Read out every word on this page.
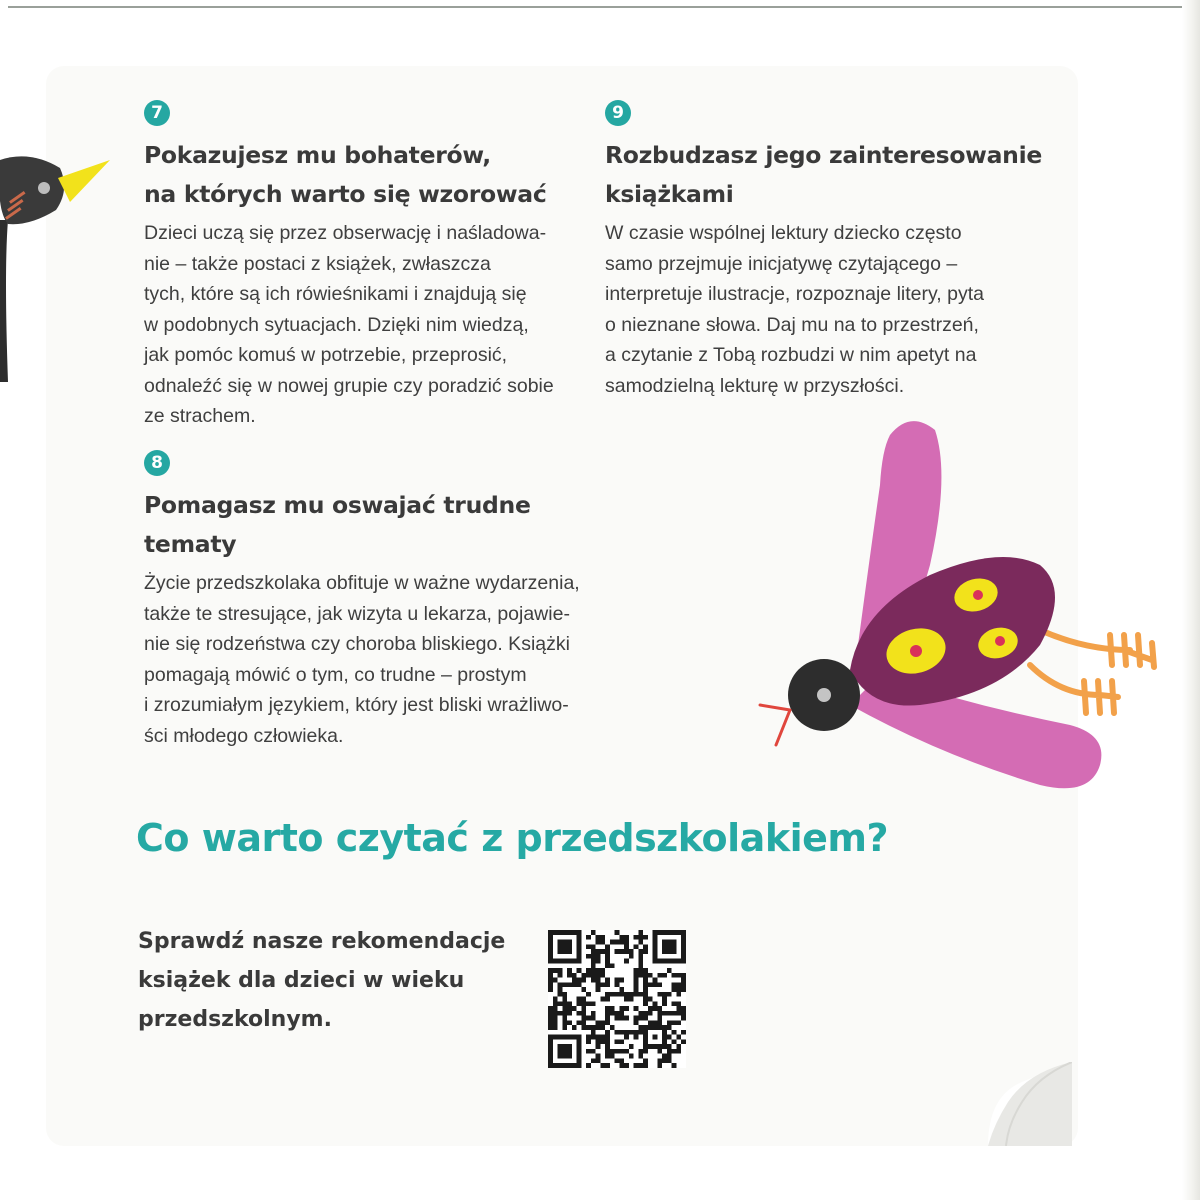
7
Pokazujesz mu bohaterów,
na których warto się wzorować

Dzieci uczą się przez obserwację i naśladowa-
nie – także postaci z książek, zwłaszcza
tych, które są ich rówieśnikami i znajdują się
w podobnych sytuacjach. Dzięki nim wiedzą,
jak pomóc komuś w potrzebie, przeprosić,
odnaleźć się w nowej grupie czy poradzić sobie
ze strachem.

8
Pomagasz mu oswajać trudne
tematy

Życie przedszkolaka obfituje w ważne wydarzenia,
także te stresujące, jak wizyta u lekarza, pojawie-
nie się rodzeństwa czy choroba bliskiego. Książki
pomagają mówić o tym, co trudne – prostym
i zrozumiałym językiem, który jest bliski wrażliwo-
ści młodego człowieka.

9
Rozbudzasz jego zainteresowanie
książkami

W czasie wspólnej lektury dziecko często
samo przejmuje inicjatywę czytającego –
interpretuje ilustracje, rozpoznaje litery, pyta
o nieznane słowa. Daj mu na to przestrzeń,
a czytanie z Tobą rozbudzi w nim apetyt na
samodzielną lekturę w przyszłości.

Co warto czytać z przedszkolakiem?

Sprawdź nasze rekomendacje
książek dla dzieci w wieku
przedszkolnym.
